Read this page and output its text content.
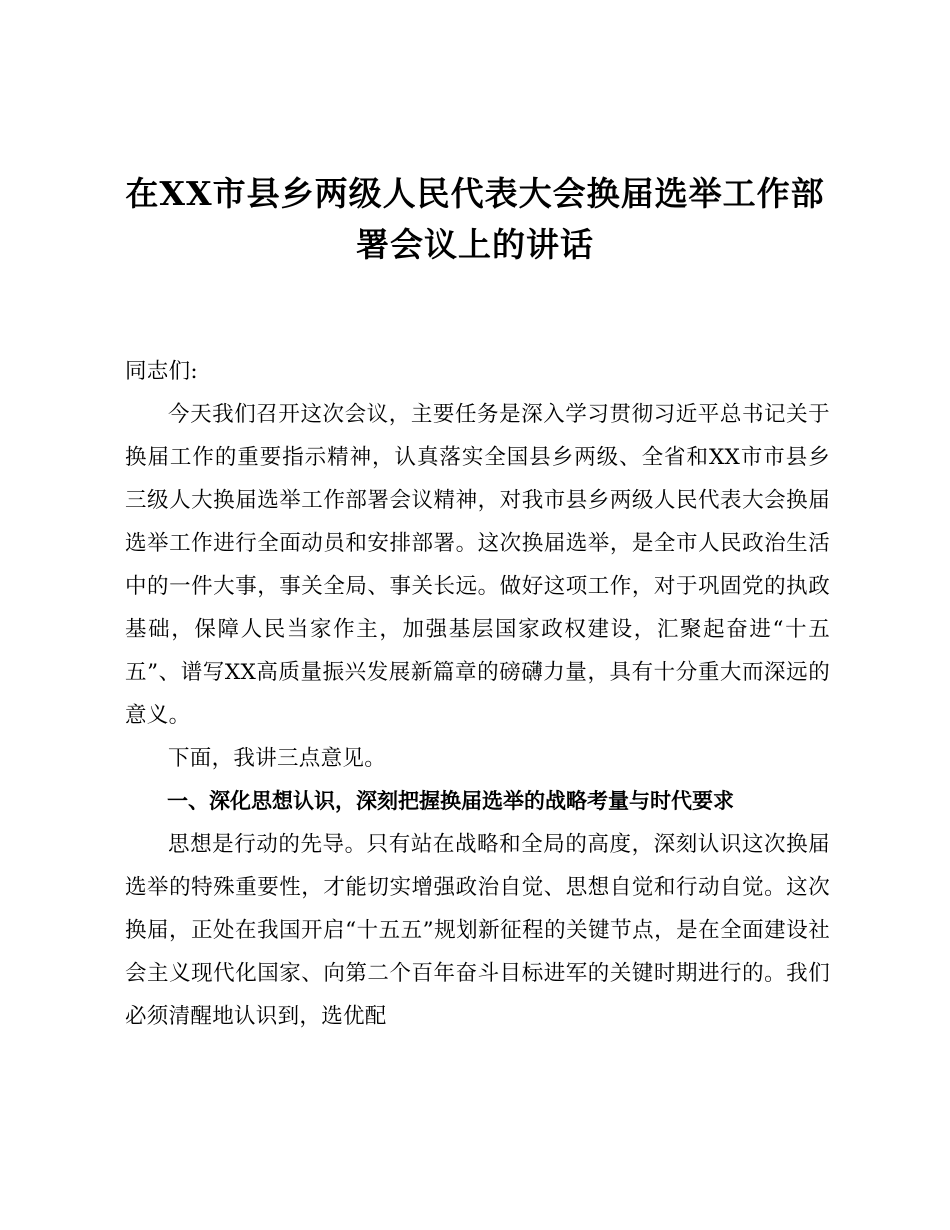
在XX市县乡两级人民代表大会换届选举工作部
署会议上的讲话

同志们:

今天我们召开这次会议，主要任务是深入学习贯彻习近平总书记关于换届工作的重要指示精神，认真落实全国县乡两级、全省和XX市市县乡三级人大换届选举工作部署会议精神，对我市县乡两级人民代表大会换届选举工作进行全面动员和安排部署。这次换届选举，是全市人民政治生活中的一件大事，事关全局、事关长远。做好这项工作，对于巩固党的执政基础，保障人民当家作主，加强基层国家政权建设，汇聚起奋进“十五五”、谱写XX高质量振兴发展新篇章的磅礴力量，具有十分重大而深远的意义。

下面，我讲三点意见。

一、深化思想认识，深刻把握换届选举的战略考量与时代要求

思想是行动的先导。只有站在战略和全局的高度，深刻认识这次换届选举的特殊重要性，才能切实增强政治自觉、思想自觉和行动自觉。这次换届，正处在我国开启“十五五”规划新征程的关键节点，是在全面建设社会主义现代化国家、向第二个百年奋斗目标进军的关键时期进行的。我们必须清醒地认识到，选优配
